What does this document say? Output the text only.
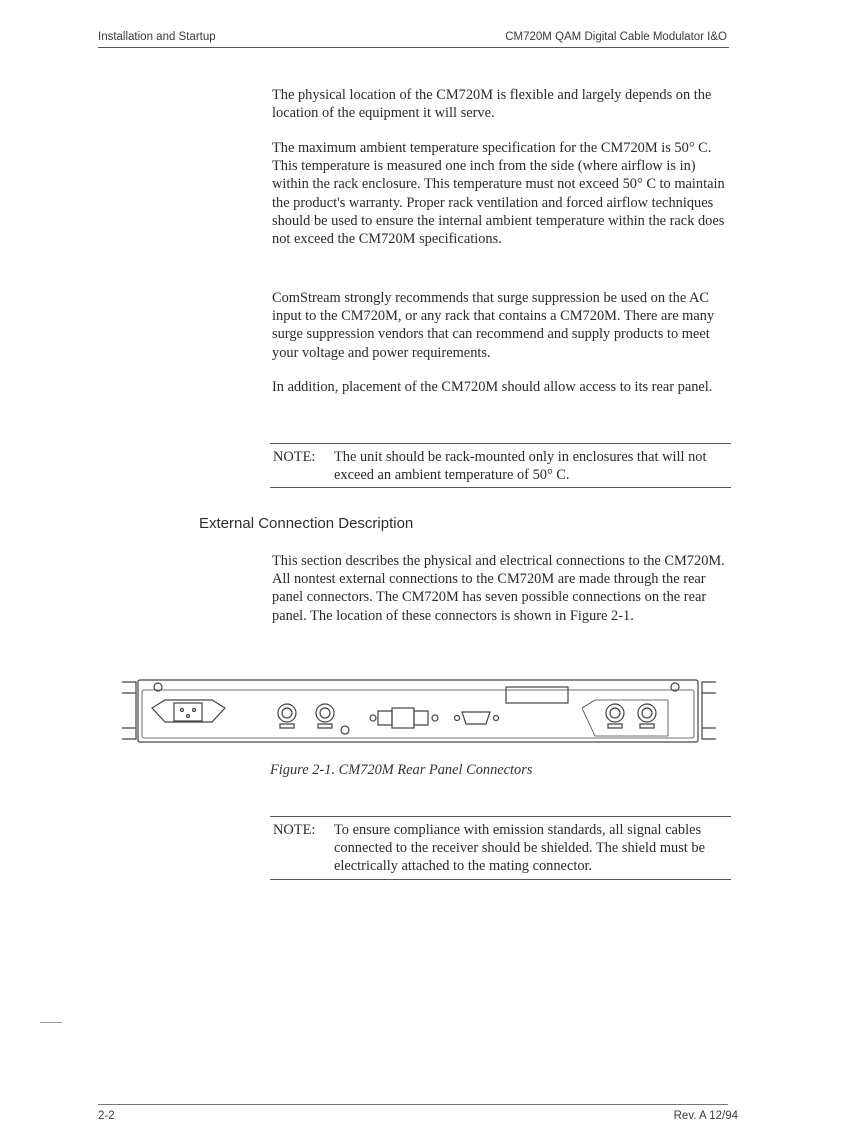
Installation and Startup	CM720M QAM Digital Cable Modulator I&O
The physical location of the CM720M is flexible and largely depends on the location of the equipment it will serve.
The maximum ambient temperature specification for the CM720M is 50° C. This temperature is measured one inch from the side (where airflow is in) within the rack enclosure. This temperature must not exceed 50° C to maintain the product's warranty. Proper rack ventilation and forced airflow techniques should be used to ensure the internal ambient temperature within the rack does not exceed the CM720M specifications.
ComStream strongly recommends that surge suppression be used on the AC input to the CM720M, or any rack that contains a CM720M. There are many surge suppression vendors that can recommend and supply products to meet your voltage and power requirements.
In addition, placement of the CM720M should allow access to its rear panel.
NOTE: The unit should be rack-mounted only in enclosures that will not exceed an ambient temperature of 50° C.
External Connection Description
This section describes the physical and electrical connections to the CM720M. All nontest external connections to the CM720M are made through the rear panel connectors. The CM720M has seven possible connections on the rear panel. The location of these connectors is shown in Figure 2-1.
Figure 2-1. CM720M Rear Panel Connectors
NOTE: To ensure compliance with emission standards, all signal cables connected to the receiver should be shielded. The shield must be electrically attached to the mating connector.
2-2	Rev. A 12/94
